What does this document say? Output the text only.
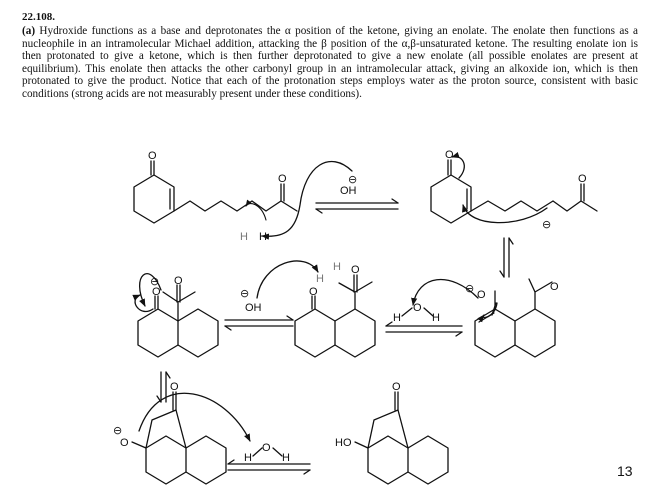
22.108.
(a) Hydroxide functions as a base and deprotonates the α position of the ketone, giving an enolate. The enolate then functions as a nucleophile in an intramolecular Michael addition, attacking the β position of the α,β-unsaturated ketone. The resulting enolate ion is then protonated to give a ketone, which is then further deprotonated to give a new enolate (all possible enolates are present at equilibrium). This enolate then attacks the other carbonyl group in an intramolecular attack, giving an alkoxide ion, which is then protonated to give the product. Notice that each of the protonation steps employs water as the proton source, consistent with basic conditions (strong acids are not measurably present under these conditions).
OH
⊖
H
O
H
OH
H
O
H
O
O
H H
O
O
⊖
O
⊖	O
O
O
H
H
O
O
⊖
⊖
O
O
⊖
O
HO
13
